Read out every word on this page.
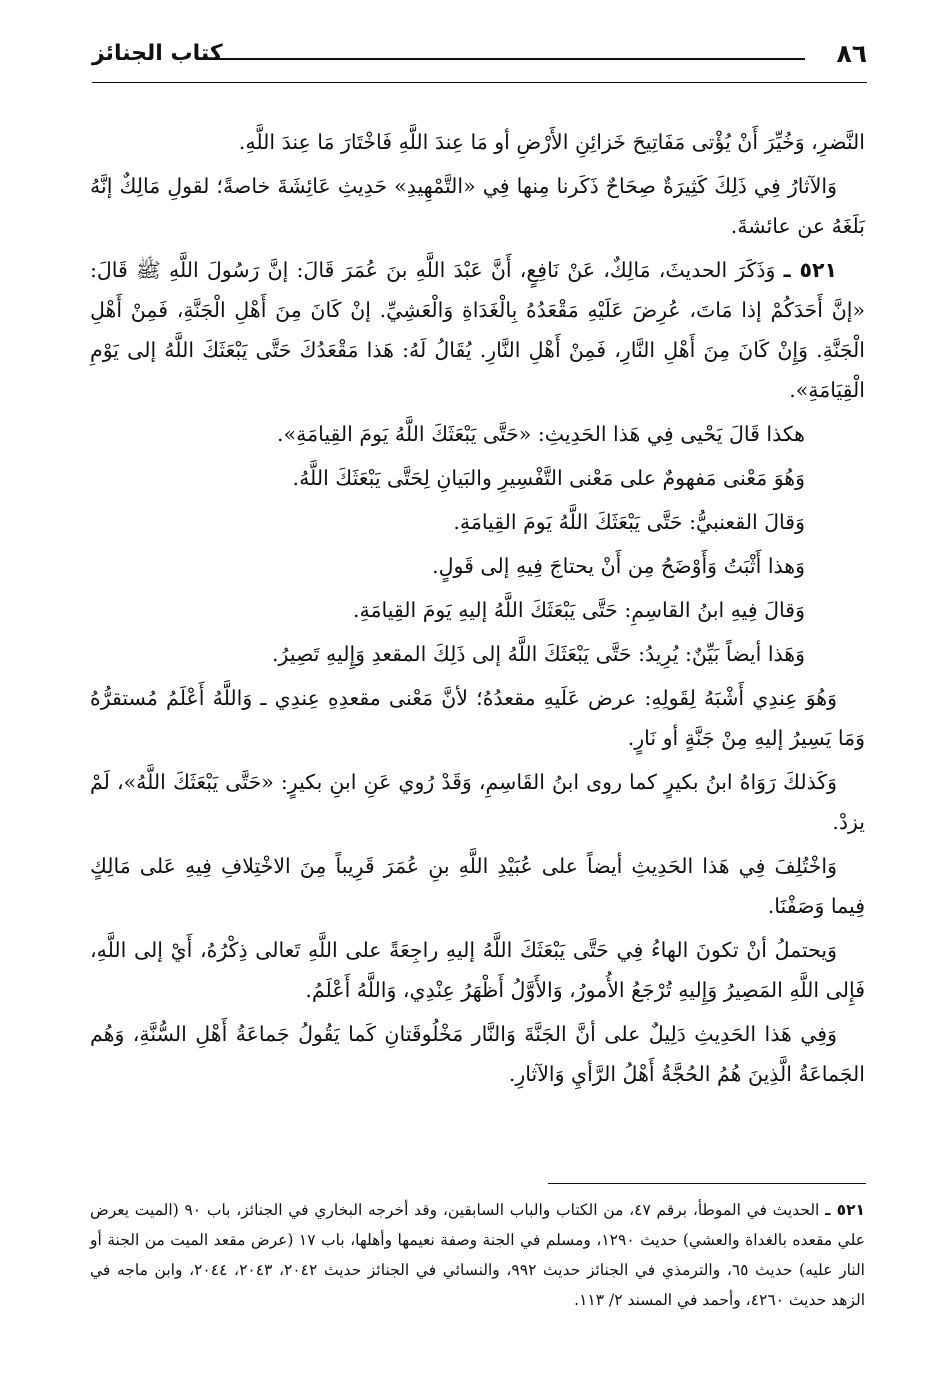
٨٦
كتاب الجنائز

النَّضرِ، وَخُيِّرَ أَنْ يُؤْتى مَفَاتِيحَ خَزائِنِ الأَرْضِ أو مَا عِندَ اللَّهِ فَاخْتَارَ مَا عِندَ اللَّهِ.

وَالآثارُ فِي ذَلِكَ كَثِيرَةٌ صِحَاحٌ ذَكَرنا مِنها فِي «التَّمْهِيدِ» حَدِيثِ عَائِشَةَ خاصةً؛ لقولِ مَالِكٌ إنَّهُ بَلَغَهُ عن عائشةَ.

٥٢١ ـ وَذَكَرَ الحديثَ، مَالِكٌ، عَنْ نَافِعٍ، أَنَّ عَبْدَ اللَّهِ بنَ عُمَرَ قَالَ: إنَّ رَسُولَ اللَّهِ ﷺ قَالَ: «إنَّ أَحَدَكُمْ إذا مَاتَ، عُرِضَ عَلَيْهِ مَقْعَدُهُ بِالْغَدَاةِ وَالْعَشِيِّ. إنْ كَانَ مِنَ أَهْلِ الْجَنَّةِ، فَمِنْ أَهْلِ الْجَنَّةِ. وَإِنْ كَانَ مِنَ أَهْلِ النَّارِ، فَمِنْ أَهْلِ النَّارِ. يُقَالُ لَهُ: هَذا مَقْعَدُكَ حَتَّى يَبْعَثَكَ اللَّهُ إلى يَوْمِ الْقِيَامَةِ».

هكذا قَالَ يَحْيى فِي هَذا الحَدِيثِ: «حَتَّى يَبْعَثَكَ اللَّهُ يَومَ القِيامَةِ».

وَهُوَ مَعْنى مَفهومٌ على مَعْنى التَّفْسِيرِ والبَيانِ لِحَتَّى يَبْعَثَكَ اللَّهُ.

وَقالَ القعنبيُّ: حَتَّى يَبْعَثَكَ اللَّهُ يَومَ القِيامَةِ.

وَهذا أَثْبَتُ وَأَوْضَحُ مِن أَنْ يحتاجَ فِيهِ إلى قَولٍ.

وَقالَ فِيهِ ابنُ القاسِمِ: حَتَّى يَبْعَثَكَ اللَّهُ إليهِ يَومَ القِيامَةِ.

وَهَذا أيضاً بَيِّنٌ: يُرِيدُ: حَتَّى يَبْعَثَكَ اللَّهُ إلى ذَلِكَ المقعدِ وَإِليهِ تَصِيرُ.

وَهُوَ عِندِي أَشْبَهُ لِقَولِهِ: عرض عَلَيهِ مقعدُهُ؛ لأنَّ مَعْنى مقعدِهِ عِندِي ـ وَاللَّهُ أَعْلَمُ مُستقرُّهُ وَمَا يَسِيرُ إليهِ مِنْ جَنَّةٍ أو نَارٍ.

وَكَذلكَ رَوَاهُ ابنُ بكيرٍ كما روى ابنُ القَاسِمِ، وَقَدْ رُوي عَنِ ابنِ بكيرٍ: «حَتَّى يَبْعَثَكَ اللَّهُ»، لَمْ يزدْ.

وَاخْتُلِفَ فِي هَذا الحَدِيثِ أيضاً على عُبَيْدِ اللَّهِ بنِ عُمَرَ قَرِيباً مِنَ الاخْتِلافِ فِيهِ عَلى مَالِكٍ فِيما وَصَفْنَا.

وَيحتملُ أنْ تكونَ الهاءُ فِي حَتَّى يَبْعَثَكَ اللَّهُ إليهِ راجِعَةً على اللَّهِ تَعالى ذِكْرُهُ، أَيْ إلى اللَّهِ، فَإِلى اللَّهِ المَصِيرُ وَإِليهِ تُرْجَعُ الأُمورُ، وَالأَوَّلُ أَظْهَرُ عِنْدِي، وَاللَّهُ أَعْلَمُ.

وَفِي هَذا الحَدِيثِ دَلِيلٌ على أنَّ الجَنَّةَ وَالنَّار مَخْلُوقَتانِ كَما يَقُولُ جَماعَةُ أَهْلِ السُّنَّةِ، وَهُم الجَماعَةُ الَّذِينَ هُمُ الحُجَّةُ أَهْلُ الرَّأيِ وَالآثارِ.

٥٢١ ـ الحديث في الموطأ، برقم ٤٧، من الكتاب والباب السابقين، وقد أخرجه البخاري في الجنائز، باب ٩٠ (الميت يعرض علي مقعده بالغداة والعشي) حديث ١٢٩٠، ومسلم في الجنة وصفة نعيمها وأهلها، باب ١٧ (عرض مقعد الميت من الجنة أو النار عليه) حديث ٦٥، والترمذي في الجنائز حديث ٩٩٢، والنسائي في الجنائز حديث ٢٠٤٢، ٢٠٤٣، ٢٠٤٤، وابن ماجه في الزهد حديث ٤٢٦٠، وأحمد في المسند ٢/ ١١٣.
